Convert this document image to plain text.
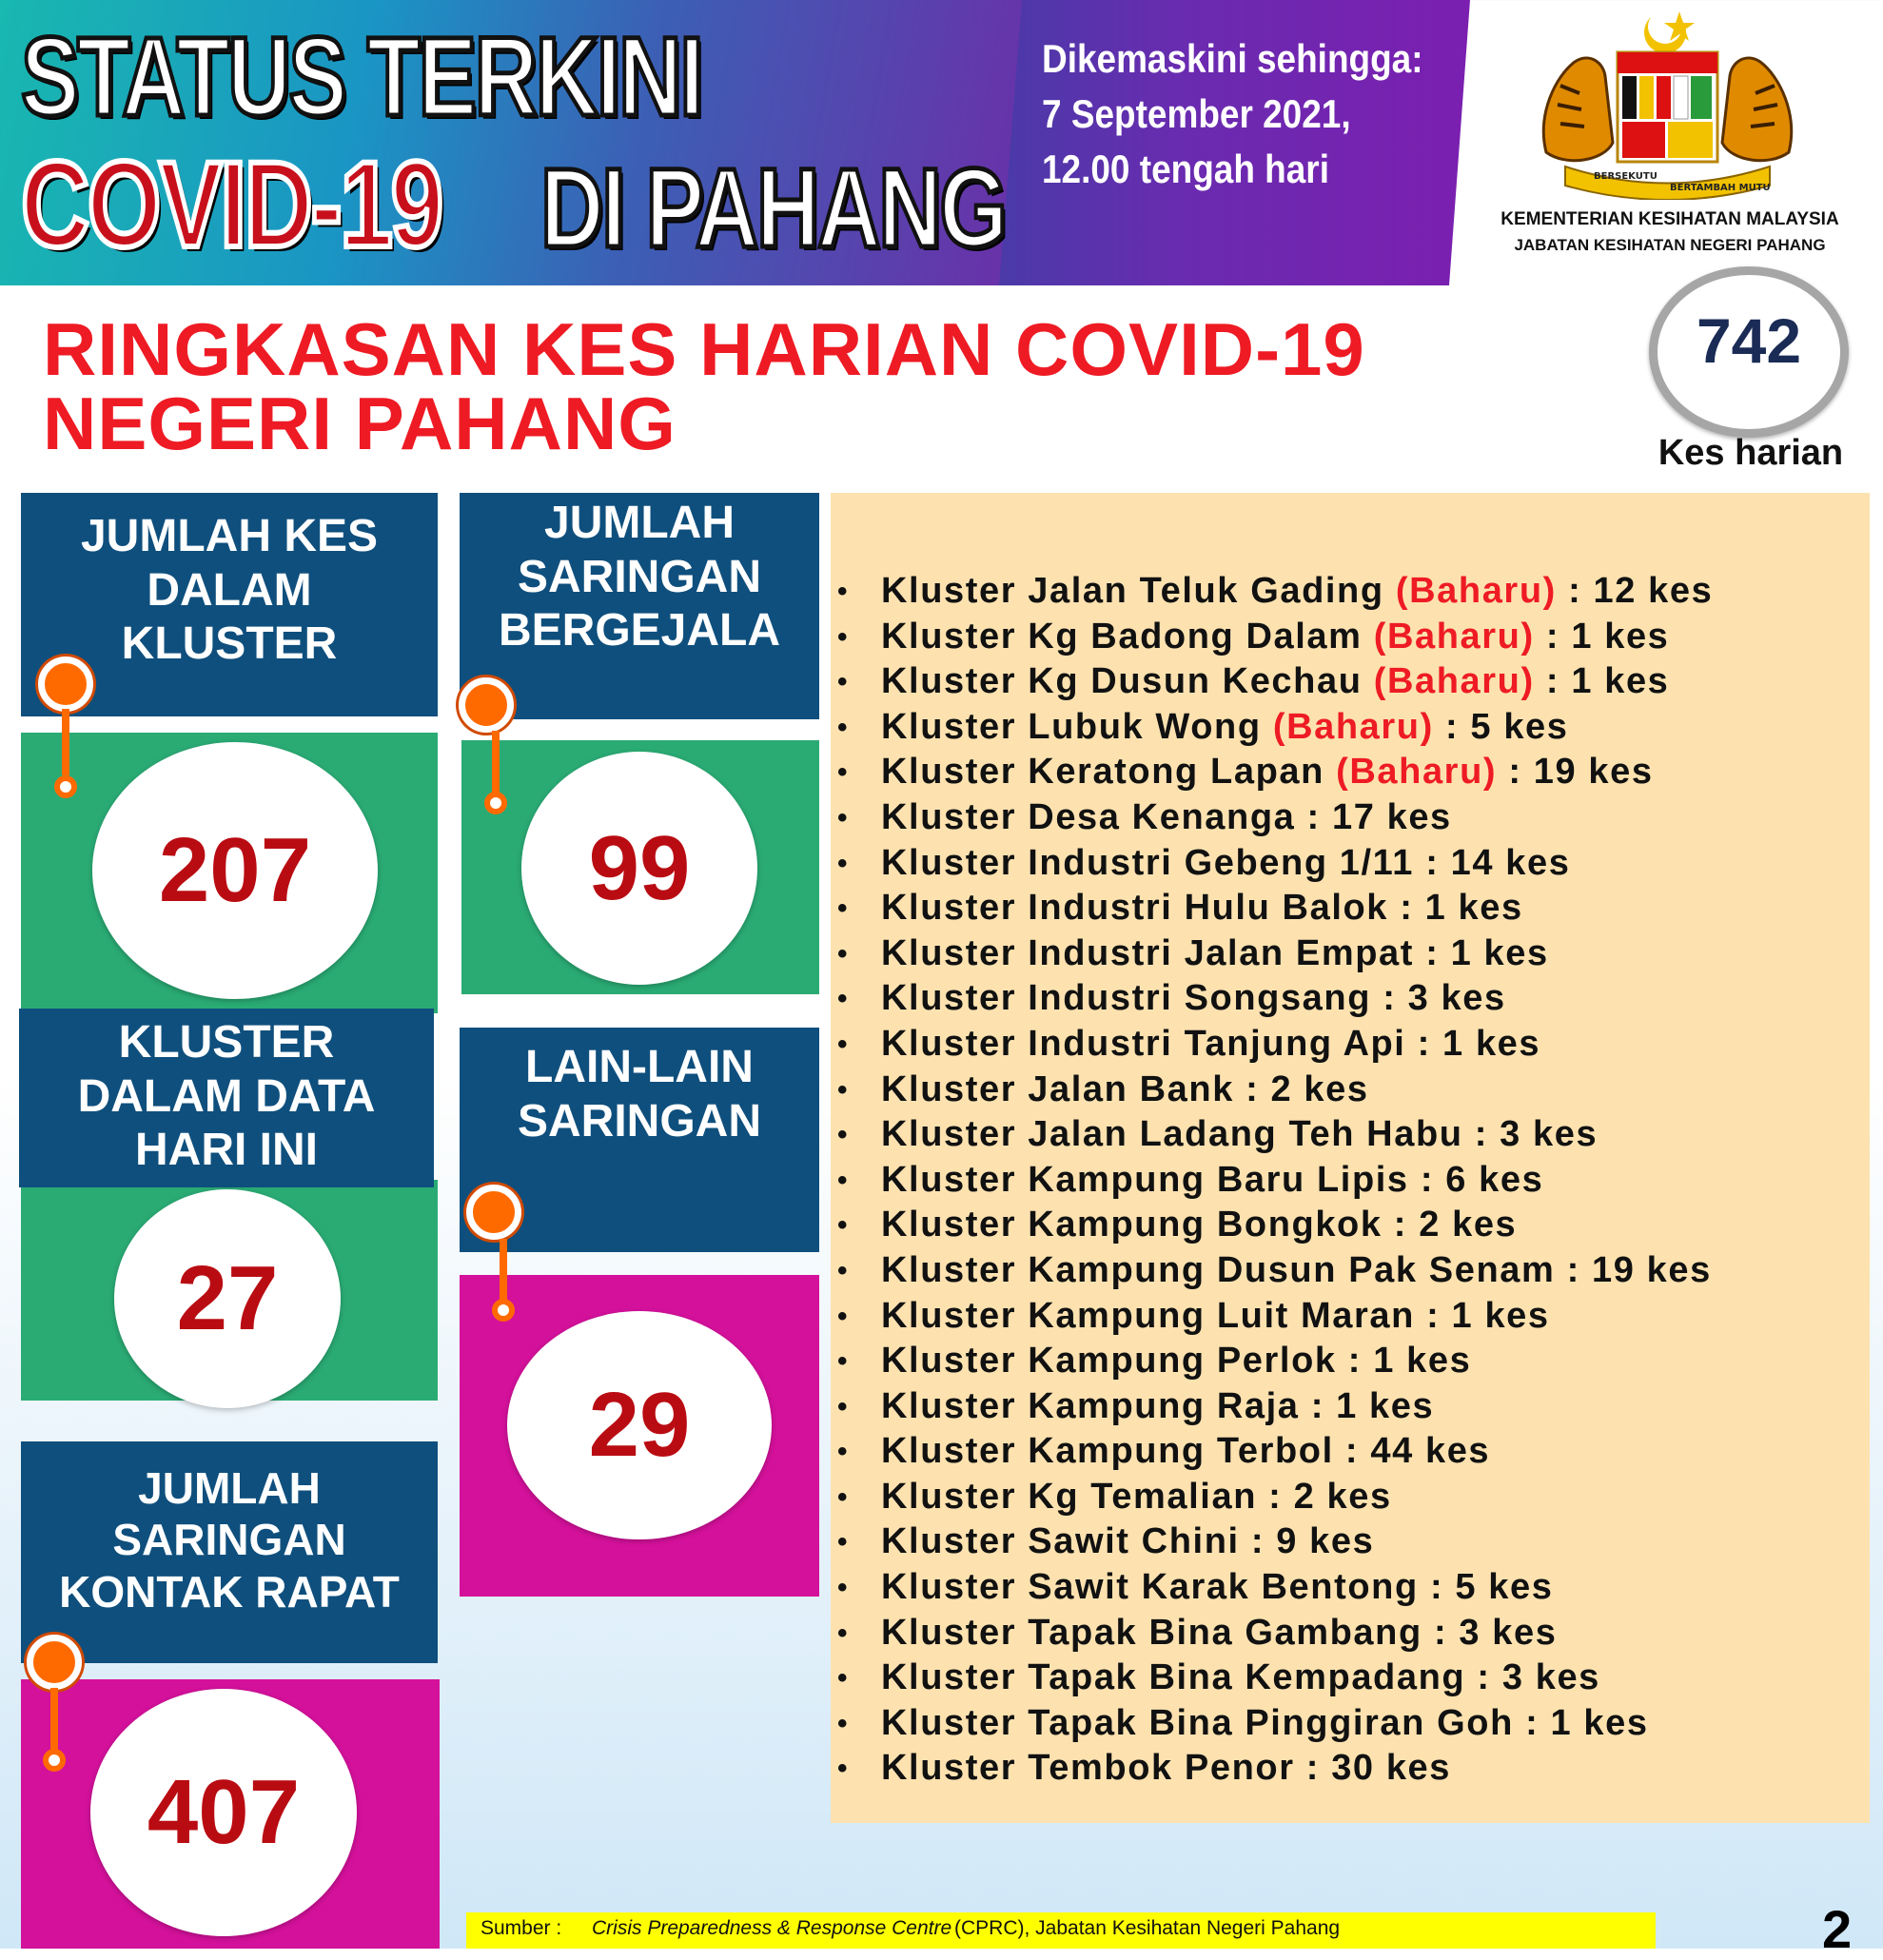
STATUS TERKINI
COVID-19 DI PAHANG
Dikemaskini sehingga:
7 September 2021,
12.00 tengah hari	BERSEKUTU
BERTAMBAH MUTU
KEMENTERIAN KESIHATAN MALAYSIA
JABATAN KESIHATAN NEGERI PAHANG
RINGKASAN KES HARIAN COVID-19
NEGERI PAHANG
742
Kes harian
JUMLAH KES
DALAM
KLUSTER
207
JUMLAH
SARINGAN
BERGEJALA
99
KLUSTER
DALAM DATA
HARI INI
27
LAIN-LAIN
SARINGAN
29
JUMLAH
SARINGAN
KONTAK RAPAT
407
• Kluster Jalan Teluk Gading (Baharu) : 12 kes
• Kluster Kg Badong Dalam (Baharu) : 1 kes
• Kluster Kg Dusun Kechau (Baharu) : 1 kes
• Kluster Lubuk Wong (Baharu) : 5 kes
• Kluster Keratong Lapan (Baharu) : 19 kes
• Kluster Desa Kenanga : 17 kes
• Kluster Industri Gebeng 1/11 : 14 kes
• Kluster Industri Hulu Balok : 1 kes
• Kluster Industri Jalan Empat : 1 kes
• Kluster Industri Songsang : 3 kes
• Kluster Industri Tanjung Api : 1 kes
• Kluster Jalan Bank : 2 kes
• Kluster Jalan Ladang Teh Habu : 3 kes
• Kluster Kampung Baru Lipis : 6 kes
• Kluster Kampung Bongkok : 2 kes
• Kluster Kampung Dusun Pak Senam : 19 kes
• Kluster Kampung Luit Maran : 1 kes
• Kluster Kampung Perlok : 1 kes
• Kluster Kampung Raja : 1 kes
• Kluster Kampung Terbol : 44 kes
• Kluster Kg Temalian : 2 kes
• Kluster Sawit Chini : 9 kes
• Kluster Sawit Karak Bentong : 5 kes
• Kluster Tapak Bina Gambang : 3 kes
• Kluster Tapak Bina Kempadang : 3 kes
• Kluster Tapak Bina Pinggiran Goh : 1 kes
• Kluster Tembok Penor : 30 kes
Sumber : Crisis Preparedness & Response Centre (CPRC), Jabatan Kesihatan Negeri Pahang	2
